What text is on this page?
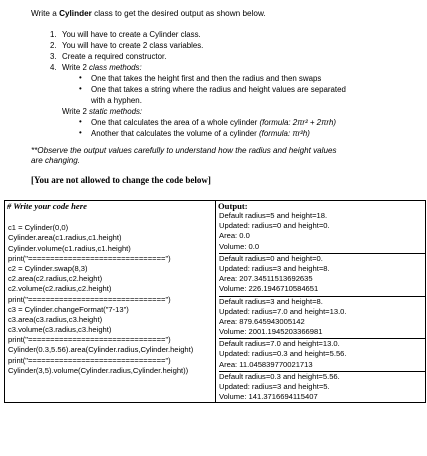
Write a Cylinder class to get the desired output as shown below.
1. You will have to create a Cylinder class.
2. You will have to create 2 class variables.
3. Create a required constructor.
4. Write 2 class methods:
• One that takes the height first and then the radius and then swaps
• One that takes a string where the radius and height values are separated
with a hyphen.
Write 2 static methods:
• One that calculates the area of a whole cylinder (formula: 2πr² + 2πrh)
• Another that calculates the volume of a cylinder (formula: πr²h)
**Observe the output values carefully to understand how the radius and height values
are changing.
[You are not allowed to change the code below]
# Write your code here
c1 = Cylinder(0,0)
Cylinder.area(c1.radius,c1.height)
Cylinder.volume(c1.radius,c1.height)
print("===============================")
c2 = Cylinder.swap(8,3)
c2.area(c2.radius,c2.height)
c2.volume(c2.radius,c2.height)
print("===============================")
c3 = Cylinder.changeFormat("7-13")
c3.area(c3.radius,c3.height)
c3.volume(c3.radius,c3.height)
print("===============================")
Cylinder(0.3,5.56).area(Cylinder.radius,Cylinder.height)
print("===============================")
Cylinder(3,5).volume(Cylinder.radius,Cylinder.height))

Output:
Default radius=5 and height=18.
Updated: radius=0 and height=0.
Area: 0.0
Volume: 0.0
Default radius=0 and height=0.
Updated: radius=3 and height=8.
Area: 207.34511513692635
Volume: 226.1946710584651
Default radius=3 and height=8.
Updated: radius=7.0 and height=13.0.
Area: 879.645943005142
Volume: 2001.1945203366981
Default radius=7.0 and height=13.0.
Updated: radius=0.3 and height=5.56.
Area: 11.045839770021713
Default radius=0.3 and height=5.56.
Updated: radius=3 and height=5.
Volume: 141.3716694115407
